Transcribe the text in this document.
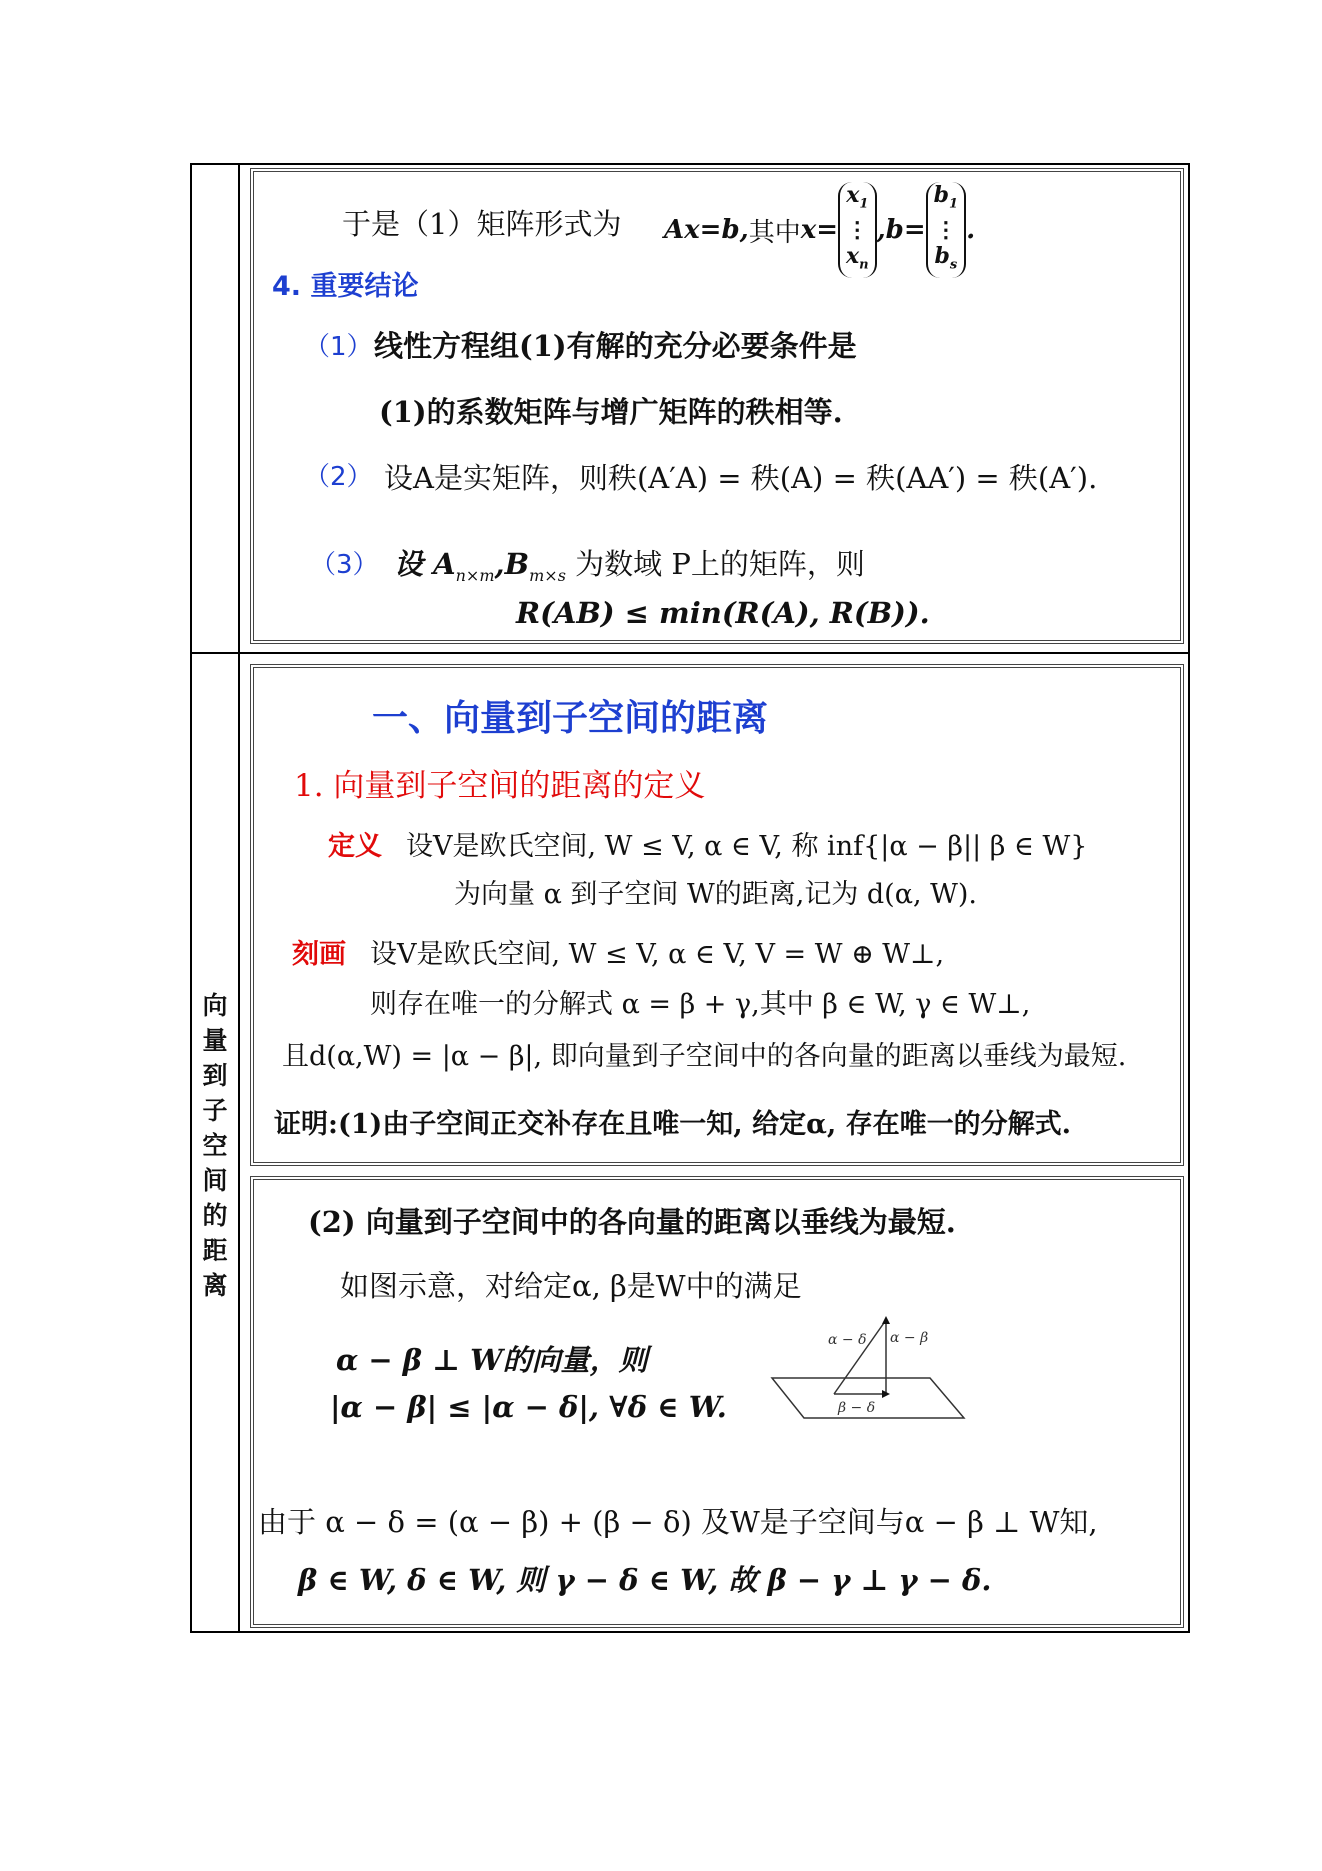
向量到子空间的距离
于是（1）矩阵形式为 Ax=b, 其中 x=
$x_1$
⋮
$x_n$
,b=
$b_1$
⋮
$b_s$
.
4. 重要结论
（1） 线性方程组(1)有解的充分必要条件是
(1)的系数矩阵与增广矩阵的秩相等.
（2） 设A是实矩阵，则秩(A′A) = 秩(A) = 秩(AA′) = 秩(A′).
（3） 设 $A_{n\times m},B_{m\times s}$ 为数域 P上的矩阵，则
R(AB) ≤ min(R(A), R(B)).
一、向量到子空间的距离
1. 向量到子空间的距离的定义
定义 设V是欧氏空间, W ≤ V, α ∈ V, 称 inf{|α − β|| β ∈ W}
为向量 α 到子空间 W的距离,记为 d(α, W).
刻画 设V是欧氏空间, W ≤ V, α ∈ V, V = W ⊕ W⊥,
则存在唯一的分解式 α = β + γ,其中 β ∈ W, γ ∈ W⊥,
且d(α,W) = |α − β|, 即向量到子空间中的各向量的距离以垂线为最短.
证明:(1)由子空间正交补存在且唯一知, 给定α, 存在唯一的分解式.
(2) 向量到子空间中的各向量的距离以垂线为最短.
如图示意，对给定α, β是W中的满足
α − β ⊥ W的向量，则
|α − β| ≤ |α − δ|, ∀δ ∈ W.
α − δ α − β
β − δ
由于 α − δ = (α − β) + (β − δ) 及W是子空间与α − β ⊥ W知,
β ∈ W, δ ∈ W, 则 γ − δ ∈ W, 故 β − γ ⊥ γ − δ.
